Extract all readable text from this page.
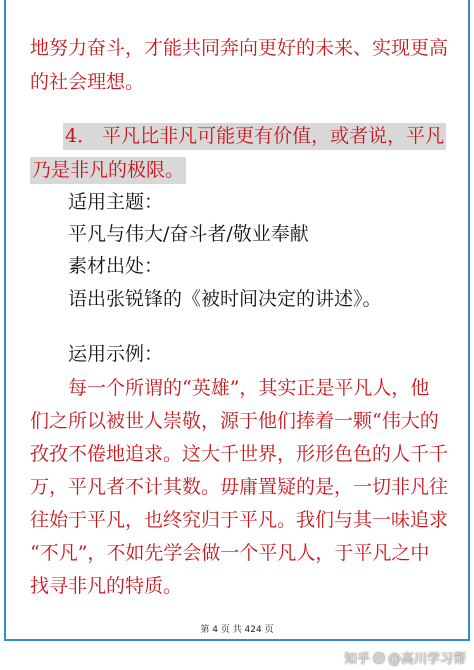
地努力奋斗，才能共同奔向更好的未来、实现更高
的社会理想。
4． 平凡比非凡可能更有价值，或者说，平凡
乃是非凡的极限。
适用主题：
平凡与伟大/奋斗者/敬业奉献
素材出处：
语出张锐锋的《被时间决定的讲述》。
运用示例：
每一个所谓的“英雄”，其实正是平凡人，他
们之所以被世人崇敬，源于他们捧着一颗“伟大的
孜孜不倦地追求。这大千世界，形形色色的人千千
万，平凡者不计其数。毋庸置疑的是，一切非凡往
往始于平凡，也终究归于平凡。我们与其一味追求
“不凡”，不如先学会做一个平凡人，于平凡之中
找寻非凡的特质。
第 4 页 共 424 页
知乎 @高川学习帮
